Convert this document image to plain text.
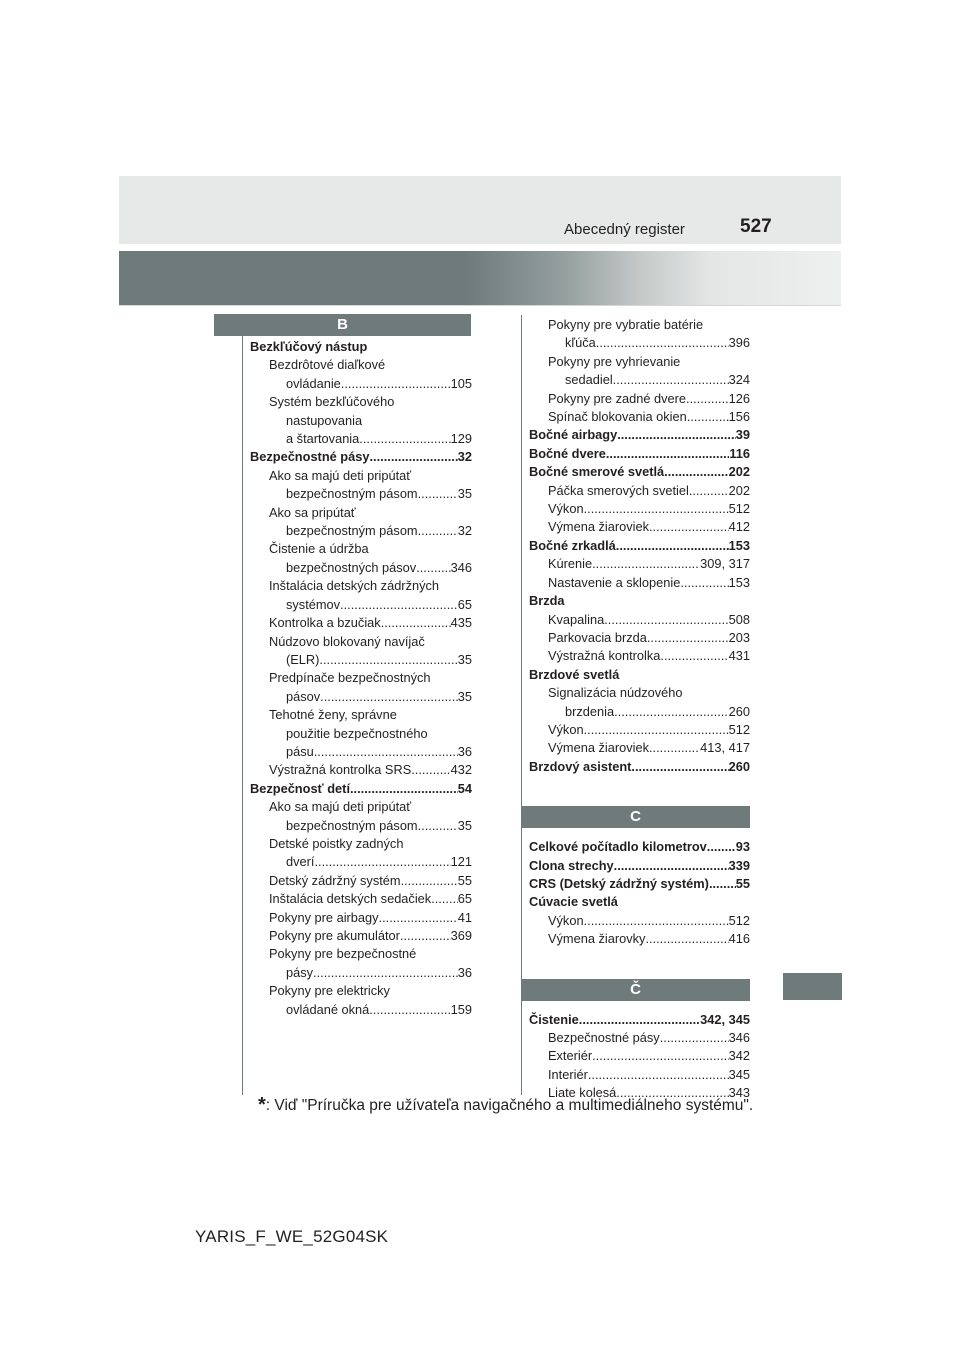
Abecedný register	527
B
Bezkľúčový nástup
Bezdrôtové diaľkové
ovládanie .....	105
Systém bezkľúčového
nastupovania
a štartovania .....	129
Bezpečnostné pásy .....	32
Ako sa majú deti pripútať
bezpečnostným pásom .....	35
Ako sa pripútať
bezpečnostným pásom .....	32
Čistenie a údržba
bezpečnostných pásov .....	346
Inštalácia detských zádržných
systémov .....	65
Kontrolka a bzučiak .....	435
Núdzovo blokovaný navíjač
(ELR) .....	35
Predpínače bezpečnostných
pásov .....	35
Tehotné ženy, správne
použitie bezpečnostného
pásu .....	36
Výstražná kontrolka SRS .....	432
Bezpečnosť detí .....	54
Ako sa majú deti pripútať
bezpečnostným pásom .....	35
Detské poistky zadných
dverí .....	121
Detský zádržný systém .....	55
Inštalácia detských sedačiek ..... 65
Pokyny pre airbagy .....	41
Pokyny pre akumulátor .....	369
Pokyny pre bezpečnostné
pásy .....	36
Pokyny pre elektricky
ovládané okná .....	159
Pokyny pre vybratie batérie
kľúča .....	396
Pokyny pre vyhrievanie
sedadiel .....	324
Pokyny pre zadné dvere .....	126
Spínač blokovania okien .....	156
Bočné airbagy .....	39
Bočné dvere .....	116
Bočné smerové svetlá .....	202
Páčka smerových svetiel .....	202
Výkon .....	512
Výmena žiaroviek .....	412
Bočné zrkadlá .....	153
Kúrenie .....	309, 317
Nastavenie a sklopenie .....	153
Brzda
Kvapalina .....	508
Parkovacia brzda .....	203
Výstražná kontrolka .....	431
Brzdové svetlá
Signalizácia núdzového
brzdenia .....	260
Výkon .....	512
Výmena žiaroviek .....	413, 417
Brzdový asistent .....	260
C
Celkové počítadlo kilometrov ..... 93
Clona strechy .....	339
CRS (Detský zádržný systém) ..... 55
Cúvacie svetlá
Výkon .....	512
Výmena žiarovky .....	416
Č
Čistenie .....	342, 345
Bezpečnostné pásy .....	346
Exteriér .....	342
Interiér .....	345
Liate kolesá .....	343
*: Viď "Príručka pre užívateľa navigačného a multimediálneho systému".
YARIS_F_WE_52G04SK
